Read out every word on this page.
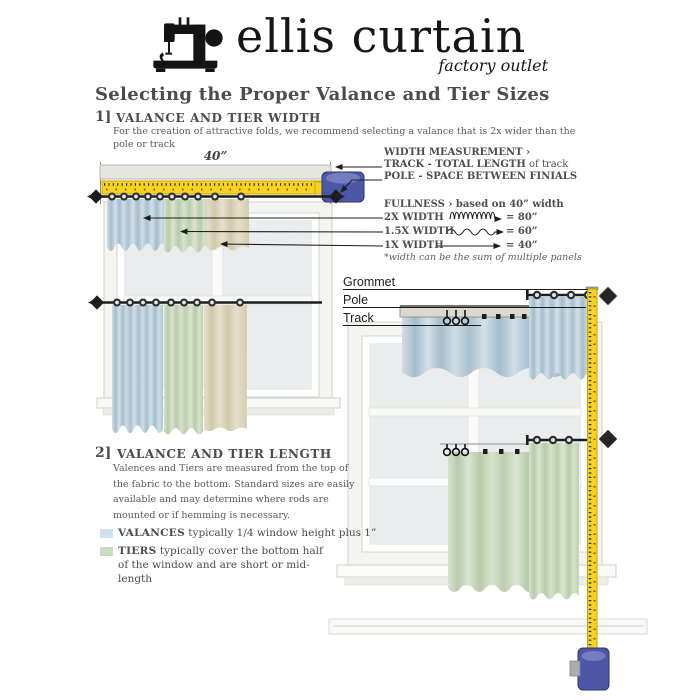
ellis curtain
factory outlet
Selecting the Proper Valance and Tier Sizes
1] VALANCE AND TIER WIDTH
For the creation of attractive folds, we recommend selecting a valance that is 2x wider than the pole or track
40”	WIDTH MEASUREMENT ›
TRACK - TOTAL LENGTH of track
POLE - SPACE BETWEEN FINIALS
FULLNESS › based on 40” width
2X WIDTH	= 80”
1.5X WIDTH	= 60”
1X WIDTH	= 40”
*width can be the sum of multiple panels
Grommet
Pole
Track
2] VALANCE AND TIER LENGTH
Valences and Tiers are measured from the top of
the fabric to the bottom. Standard sizes are easily
available and may determine where rods are
mounted or if hemming is necessary.
VALANCES typically 1/4 window height plus 1”
TIERS typically cover the bottom half of the window and are short or mid-length
